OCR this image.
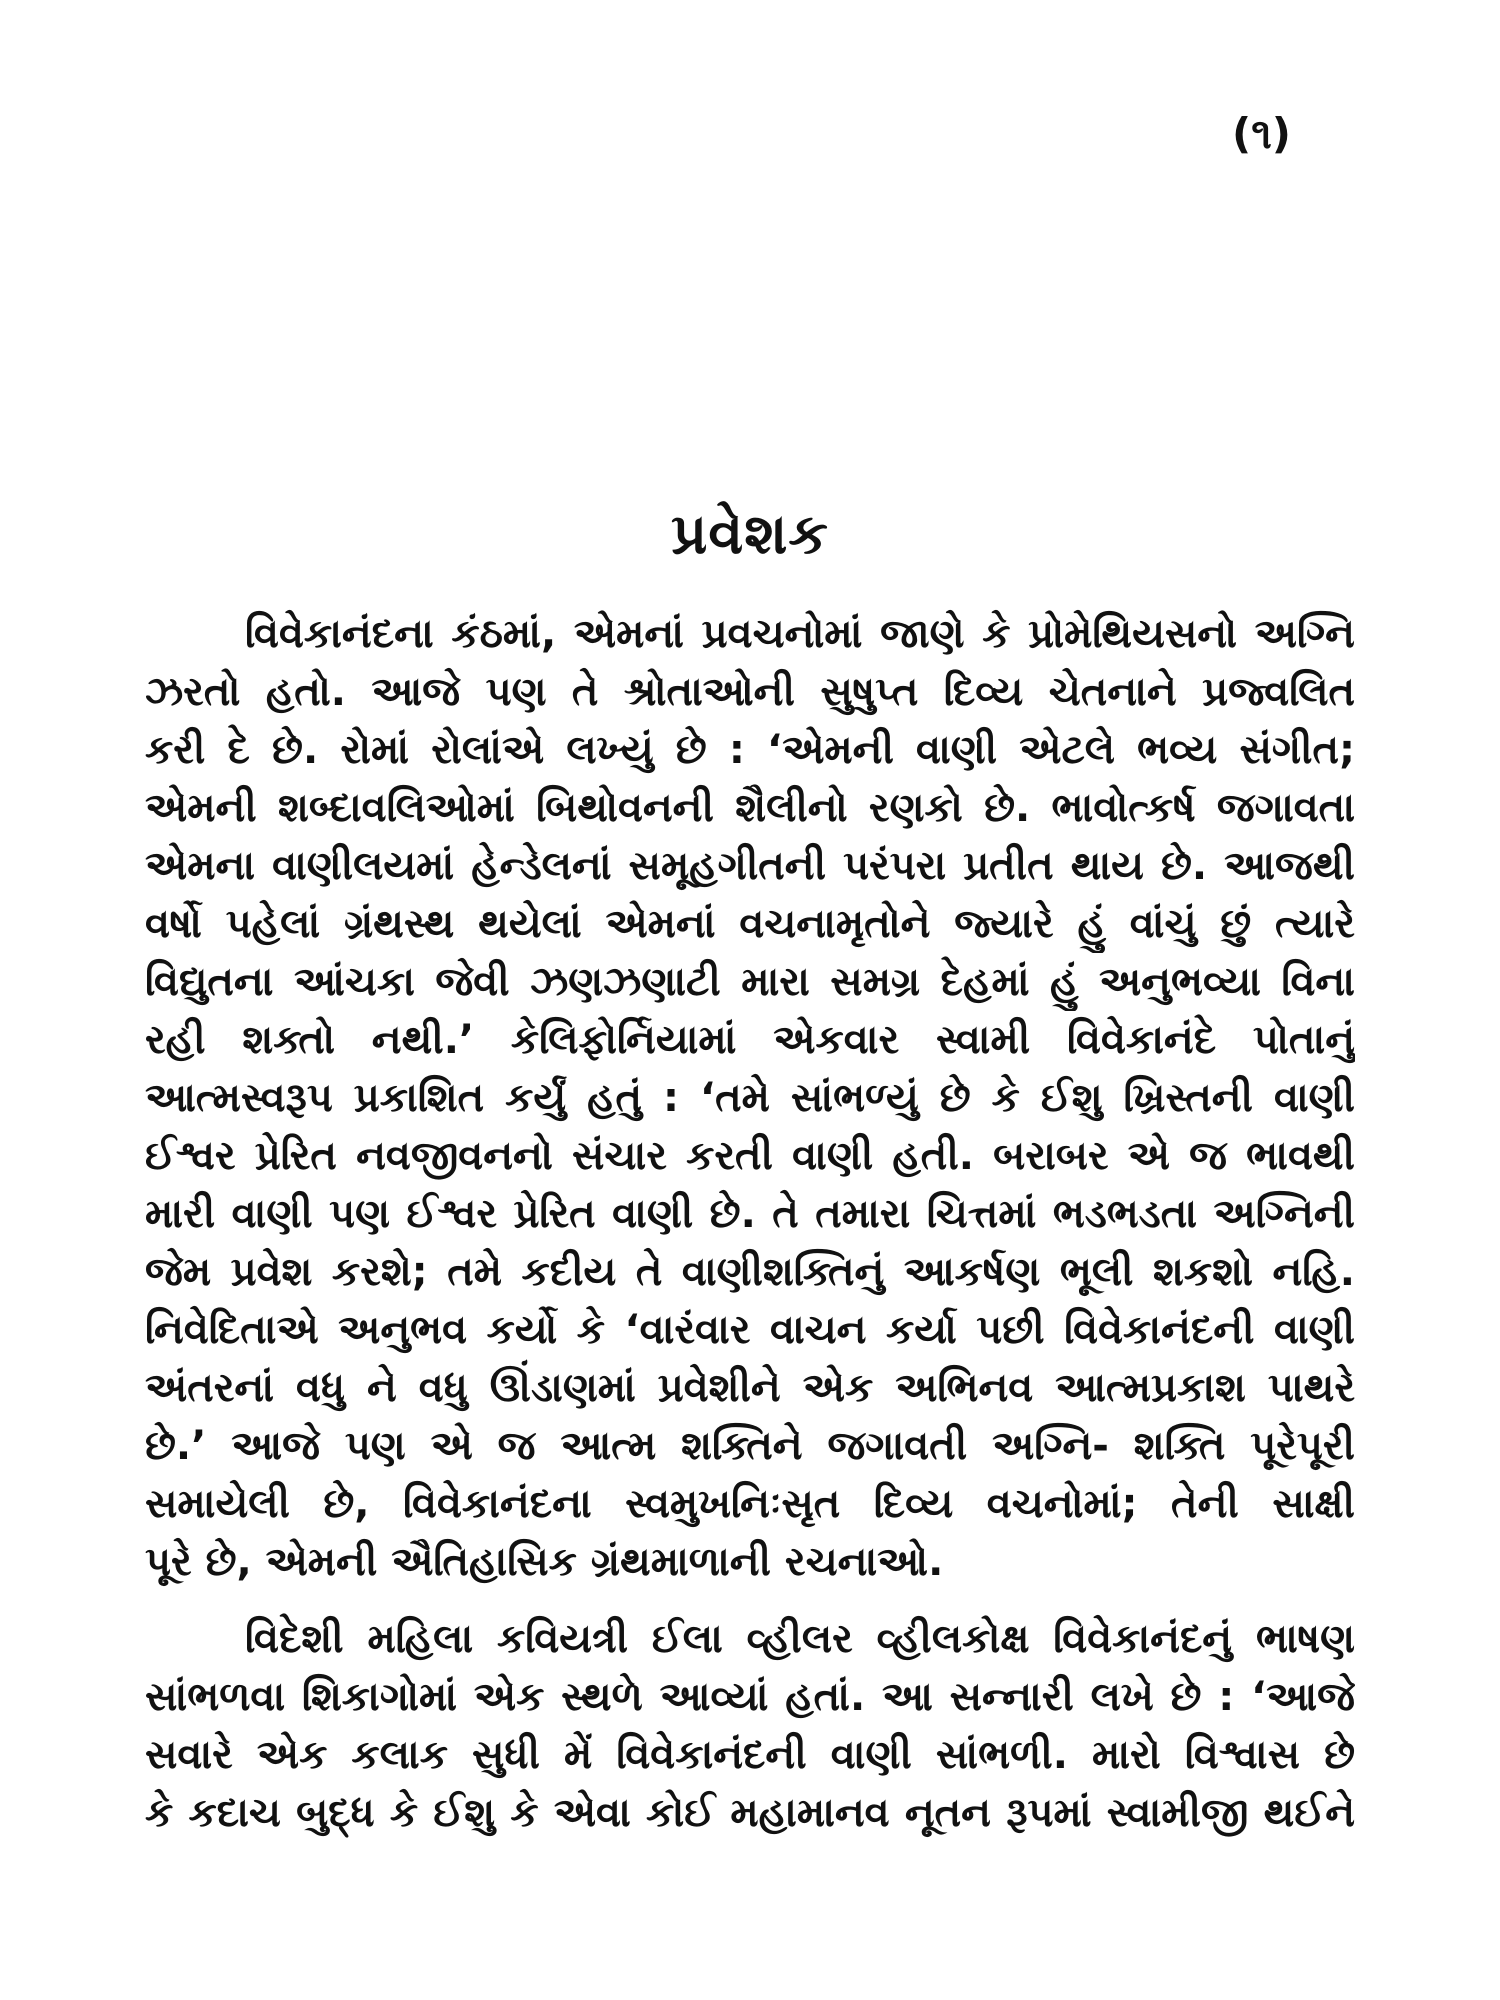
(૧)
પ્રવેશક
વિવેકાનંદના કંઠમાં, એમનાં પ્રવચનોમાં જાણે કે પ્રોમેથિયસનો અગ્નિ
ઝરતો હતો. આજે પણ તે શ્રોતાઓની સુષુપ્ત દિવ્ય ચેતનાને પ્રજ્વલિત
કરી દે છે. રોમાં રોલાંએ લખ્યું છે : ‘એમની વાણી એટલે ભવ્ય સંગીત;
એમની શબ્દાવલિઓમાં બિથોવનની શૈલીનો રણકો છે. ભાવોત્કર્ષ જગાવતા
એમના વાણીલયમાં હેન્ડેલનાં સમૂહગીતની પરંપરા પ્રતીત થાય છે. આજથી
વર્ષો પહેલાં ગ્રંથસ્થ થયેલાં એમનાં વચનામૃતોને જ્યારે હું વાંચું છું ત્યારે
વિદ્યુતના આંચકા જેવી ઝણઝણાટી મારા સમગ્ર દેહમાં હું અનુભવ્યા વિના
રહી શક્તો નથી.’ કેલિફોર્નિયામાં એકવાર સ્વામી વિવેકાનંદે પોતાનું
આત્મસ્વરૂપ પ્રકાશિત કર્યું હતું : ‘તમે સાંભળ્યું છે કે ઈશુ ખ્રિસ્તની વાણી
ઈશ્વર પ્રેરિત નવજીવનનો સંચાર કરતી વાણી હતી. બરાબર એ જ ભાવથી
મારી વાણી પણ ઈશ્વર પ્રેરિત વાણી છે. તે તમારા ચિત્તમાં ભડભડતા અગ્નિની
જેમ પ્રવેશ કરશે; તમે કદીય તે વાણીશક્તિનું આકર્ષણ ભૂલી શકશો નહિ.
નિવેદિતાએ અનુભવ કર્યો કે ‘વારંવાર વાચન કર્યા પછી વિવેકાનંદની વાણી
અંતરનાં વધુ ને વધુ ઊંડાણમાં પ્રવેશીને એક અભિનવ આત્મપ્રકાશ પાથરે
છે.’ આજે પણ એ જ આત્મ શક્તિને જગાવતી અગ્નિ- શક્તિ પૂરેપૂરી
સમાયેલી છે, વિવેકાનંદના સ્વમુખનિઃસૃત દિવ્ય વચનોમાં; તેની સાક્ષી
પૂરે છે, એમની ઐતિહાસિક ગ્રંથમાળાની રચનાઓ.
વિદેશી મહિલા કવિયત્રી ઈલા વ્હીલર વ્હીલકોક્ષ વિવેકાનંદનું ભાષણ
સાંભળવા શિકાગોમાં એક સ્થળે આવ્યાં હતાં. આ સન્નારી લખે છે : ‘આજે
સવારે એક કલાક સુધી મેં વિવેકાનંદની વાણી સાંભળી. મારો વિશ્વાસ છે
કે કદાચ બુદ્ધ કે ઈશુ કે એવા કોઈ મહામાનવ નૂતન રૂપમાં સ્વામીજી થઈને
